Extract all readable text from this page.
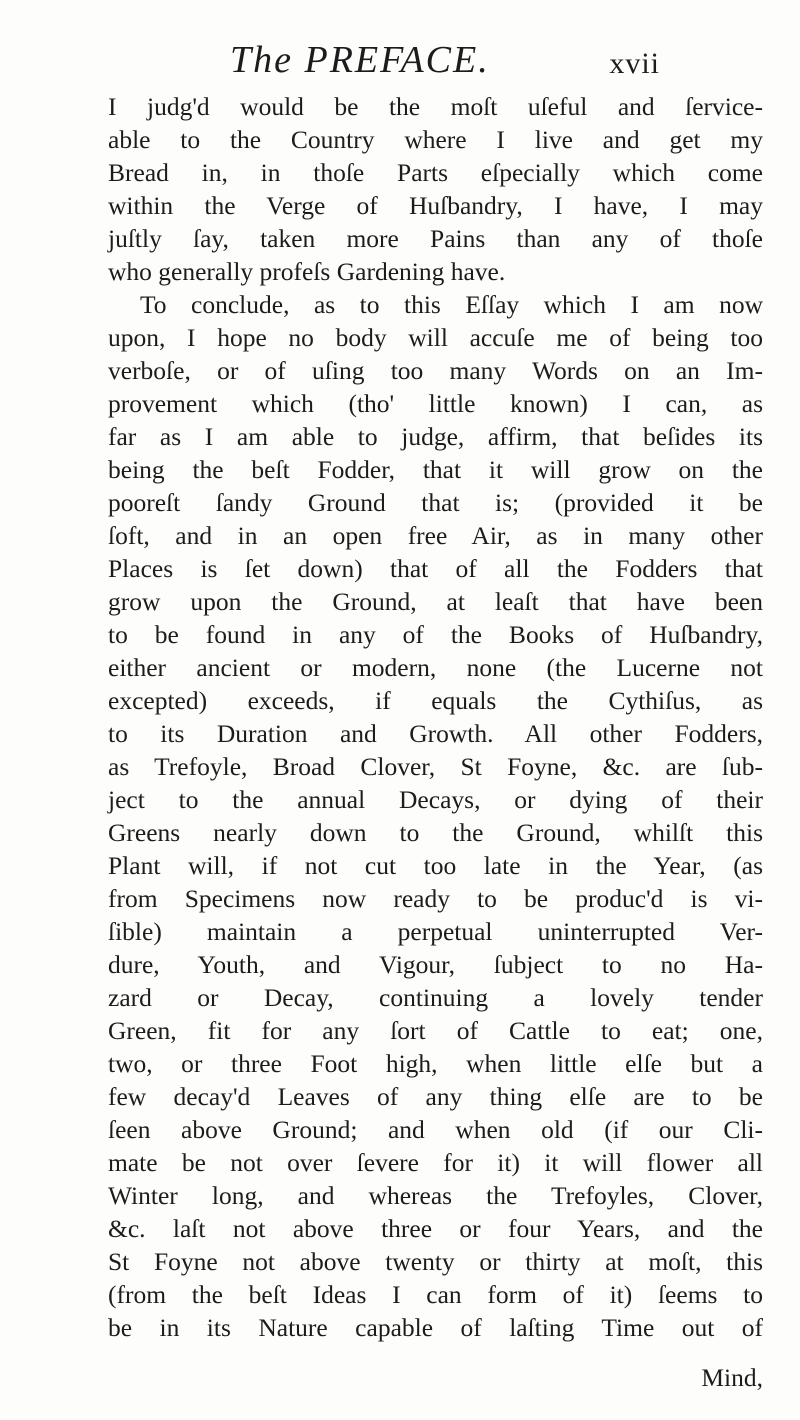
The PREFACE.	xvii
I judg'd would be the moſt uſeful and ſervice-
able to the Country where I live and get my
Bread in, in thoſe Parts eſpecially which come
within the Verge of Huſbandry, I have, I may
juſtly ſay, taken more Pains than any of thoſe
who generally profeſs Gardening have.
To conclude, as to this Eſſay which I am now
upon, I hope no body will accuſe me of being too
verboſe, or of uſing too many Words on an Im-
provement which (tho' little known) I can, as
far as I am able to judge, affirm, that beſides its
being the beſt Fodder, that it will grow on the
pooreſt ſandy Ground that is; (provided it be
ſoft, and in an open free Air, as in many other
Places is ſet down) that of all the Fodders that
grow upon the Ground, at leaſt that have been
to be found in any of the Books of Huſbandry,
either ancient or modern, none (the Lucerne not
excepted) exceeds, if equals the Cythiſus, as
to its Duration and Growth. All other Fodders,
as Trefoyle, Broad Clover, St Foyne, &c. are ſub-
ject to the annual Decays, or dying of their
Greens nearly down to the Ground, whilſt this
Plant will, if not cut too late in the Year, (as
from Specimens now ready to be produc'd is vi-
ſible) maintain a perpetual uninterrupted Ver-
dure, Youth, and Vigour, ſubject to no Ha-
zard or Decay, continuing a lovely tender
Green, fit for any ſort of Cattle to eat; one,
two, or three Foot high, when little elſe but a
few decay'd Leaves of any thing elſe are to be
ſeen above Ground; and when old (if our Cli-
mate be not over ſevere for it) it will flower all
Winter long, and whereas the Trefoyles, Clover,
&c. laſt not above three or four Years, and the
St Foyne not above twenty or thirty at moſt, this
(from the beſt Ideas I can form of it) ſeems to
be in its Nature capable of laſting Time out of
Mind,
